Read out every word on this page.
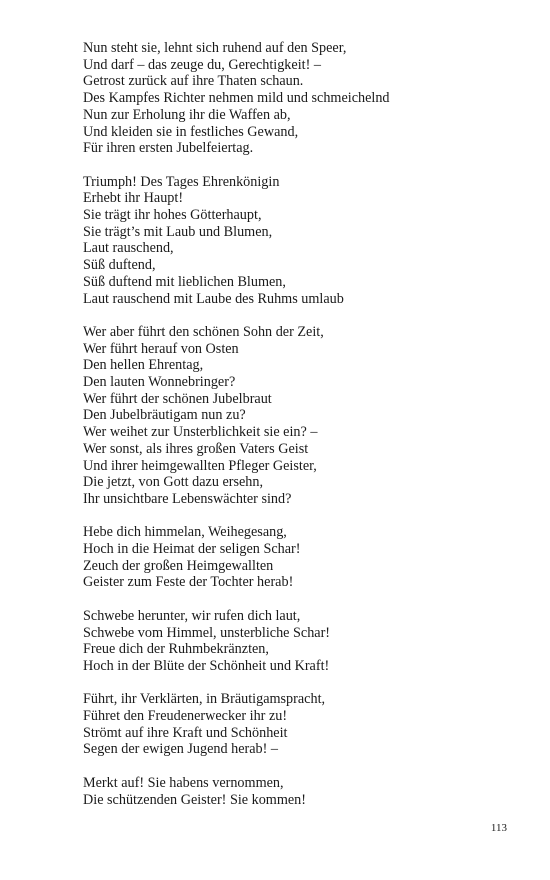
Nun steht sie, lehnt sich ruhend auf den Speer,
Und darf – das zeuge du, Gerechtigkeit! –
Getrost zurück auf ihre Thaten schaun.
Des Kampfes Richter nehmen mild und schmeichelnd
Nun zur Erholung ihr die Waffen ab,
Und kleiden sie in festliches Gewand,
Für ihren ersten Jubelfeiertag.
Triumph! Des Tages Ehrenkönigin
Erhebt ihr Haupt!
Sie trägt ihr hohes Götterhaupt,
Sie trägt’s mit Laub und Blumen,
Laut rauschend,
Süß duftend,
Süß duftend mit lieblichen Blumen,
Laut rauschend mit Laube des Ruhms umlaub
Wer aber führt den schönen Sohn der Zeit,
Wer führt herauf von Osten
Den hellen Ehrentag,
Den lauten Wonnebringer?
Wer führt der schönen Jubelbraut
Den Jubelbräutigam nun zu?
Wer weihet zur Unsterblichkeit sie ein? –
Wer sonst, als ihres großen Vaters Geist
Und ihrer heimgewallten Pfleger Geister,
Die jetzt, von Gott dazu ersehn,
Ihr unsichtbare Lebenswächter sind?
Hebe dich himmelan, Weihegesang,
Hoch in die Heimat der seligen Schar!
Zeuch der großen Heimgewallten
Geister zum Feste der Tochter herab!
Schwebe herunter, wir rufen dich laut,
Schwebe vom Himmel, unsterbliche Schar!
Freue dich der Ruhmbekränzten,
Hoch in der Blüte der Schönheit und Kraft!
Führt, ihr Verklärten, in Bräutigamspracht,
Führet den Freudenerwecker ihr zu!
Strömt auf ihre Kraft und Schönheit
Segen der ewigen Jugend herab! –
Merkt auf! Sie habens vernommen,
Die schützenden Geister! Sie kommen!
113
